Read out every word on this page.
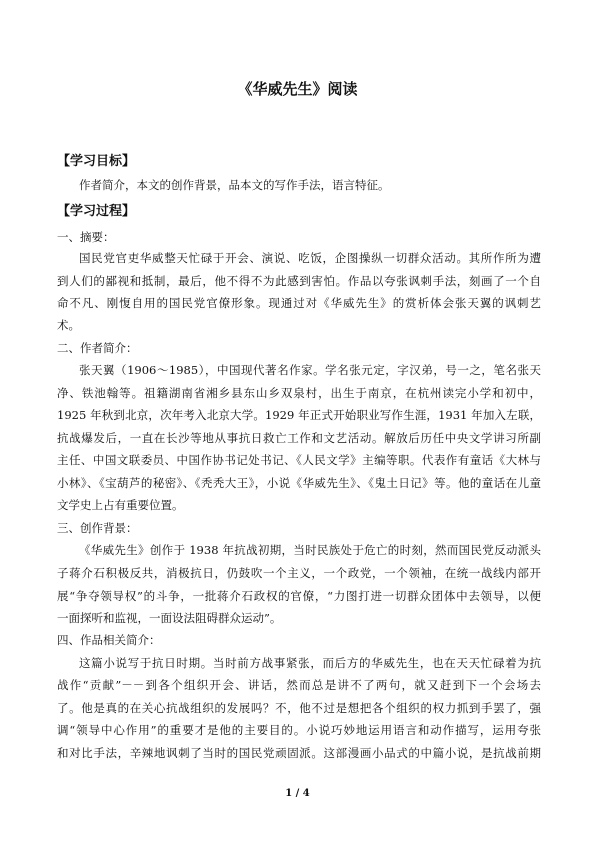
《华威先生》阅读
【学习目标】
作者简介，本文的创作背景，品本文的写作手法，语言特征。
【学习过程】
一、摘要：
国民党官吏华威整天忙碌于开会、演说、吃饭，企图操纵一切群众活动。其所作所为遭
到人们的鄙视和抵制，最后，他不得不为此感到害怕。作品以夸张讽刺手法，刻画了一个自
命不凡、刚愎自用的国民党官僚形象。现通过对《华威先生》的赏析体会张天翼的讽刺艺
术。
二、作者简介：
张天翼（1906～1985），中国现代著名作家。学名张元定，字汉弟，号一之，笔名张天
净、铁池翰等。祖籍湖南省湘乡县东山乡双泉村，出生于南京，在杭州读完小学和初中，
1925 年秋到北京，次年考入北京大学。1929 年正式开始职业写作生涯，1931 年加入左联，
抗战爆发后，一直在长沙等地从事抗日救亡工作和文艺活动。解放后历任中央文学讲习所副
主任、中国文联委员、中国作协书记处书记、《人民文学》主编等职。代表作有童话《大林与
小林》、《宝葫芦的秘密》、《秃秃大王》，小说《华威先生》、《鬼土日记》等。他的童话在儿童
文学史上占有重要位置。
三、创作背景：
《华威先生》创作于 1938 年抗战初期，当时民族处于危亡的时刻，然而国民党反动派头
子蒋介石积极反共，消极抗日，仍鼓吹一个主义，一个政党，一个领袖，在统一战线内部开
展“争夺领导权”的斗争，一批蒋介石政权的官僚，“力图打进一切群众团体中去领导，以便
一面探听和监视，一面设法阻碍群众运动”。
四、作品相关简介：
这篇小说写于抗日时期。当时前方战事紧张，而后方的华威先生，也在天天忙碌着为抗
战作“贡献”－－到各个组织开会、讲话，然而总是讲不了两句，就又赶到下一个会场去
了。他是真的在关心抗战组织的发展吗？不，他不过是想把各个组织的权力抓到手罢了，强
调“领导中心作用”的重要才是他的主要目的。小说巧妙地运用语言和动作描写，运用夸张
和对比手法，辛辣地讽刺了当时的国民党顽固派。这部漫画小品式的中篇小说，是抗战前期
1 / 4
